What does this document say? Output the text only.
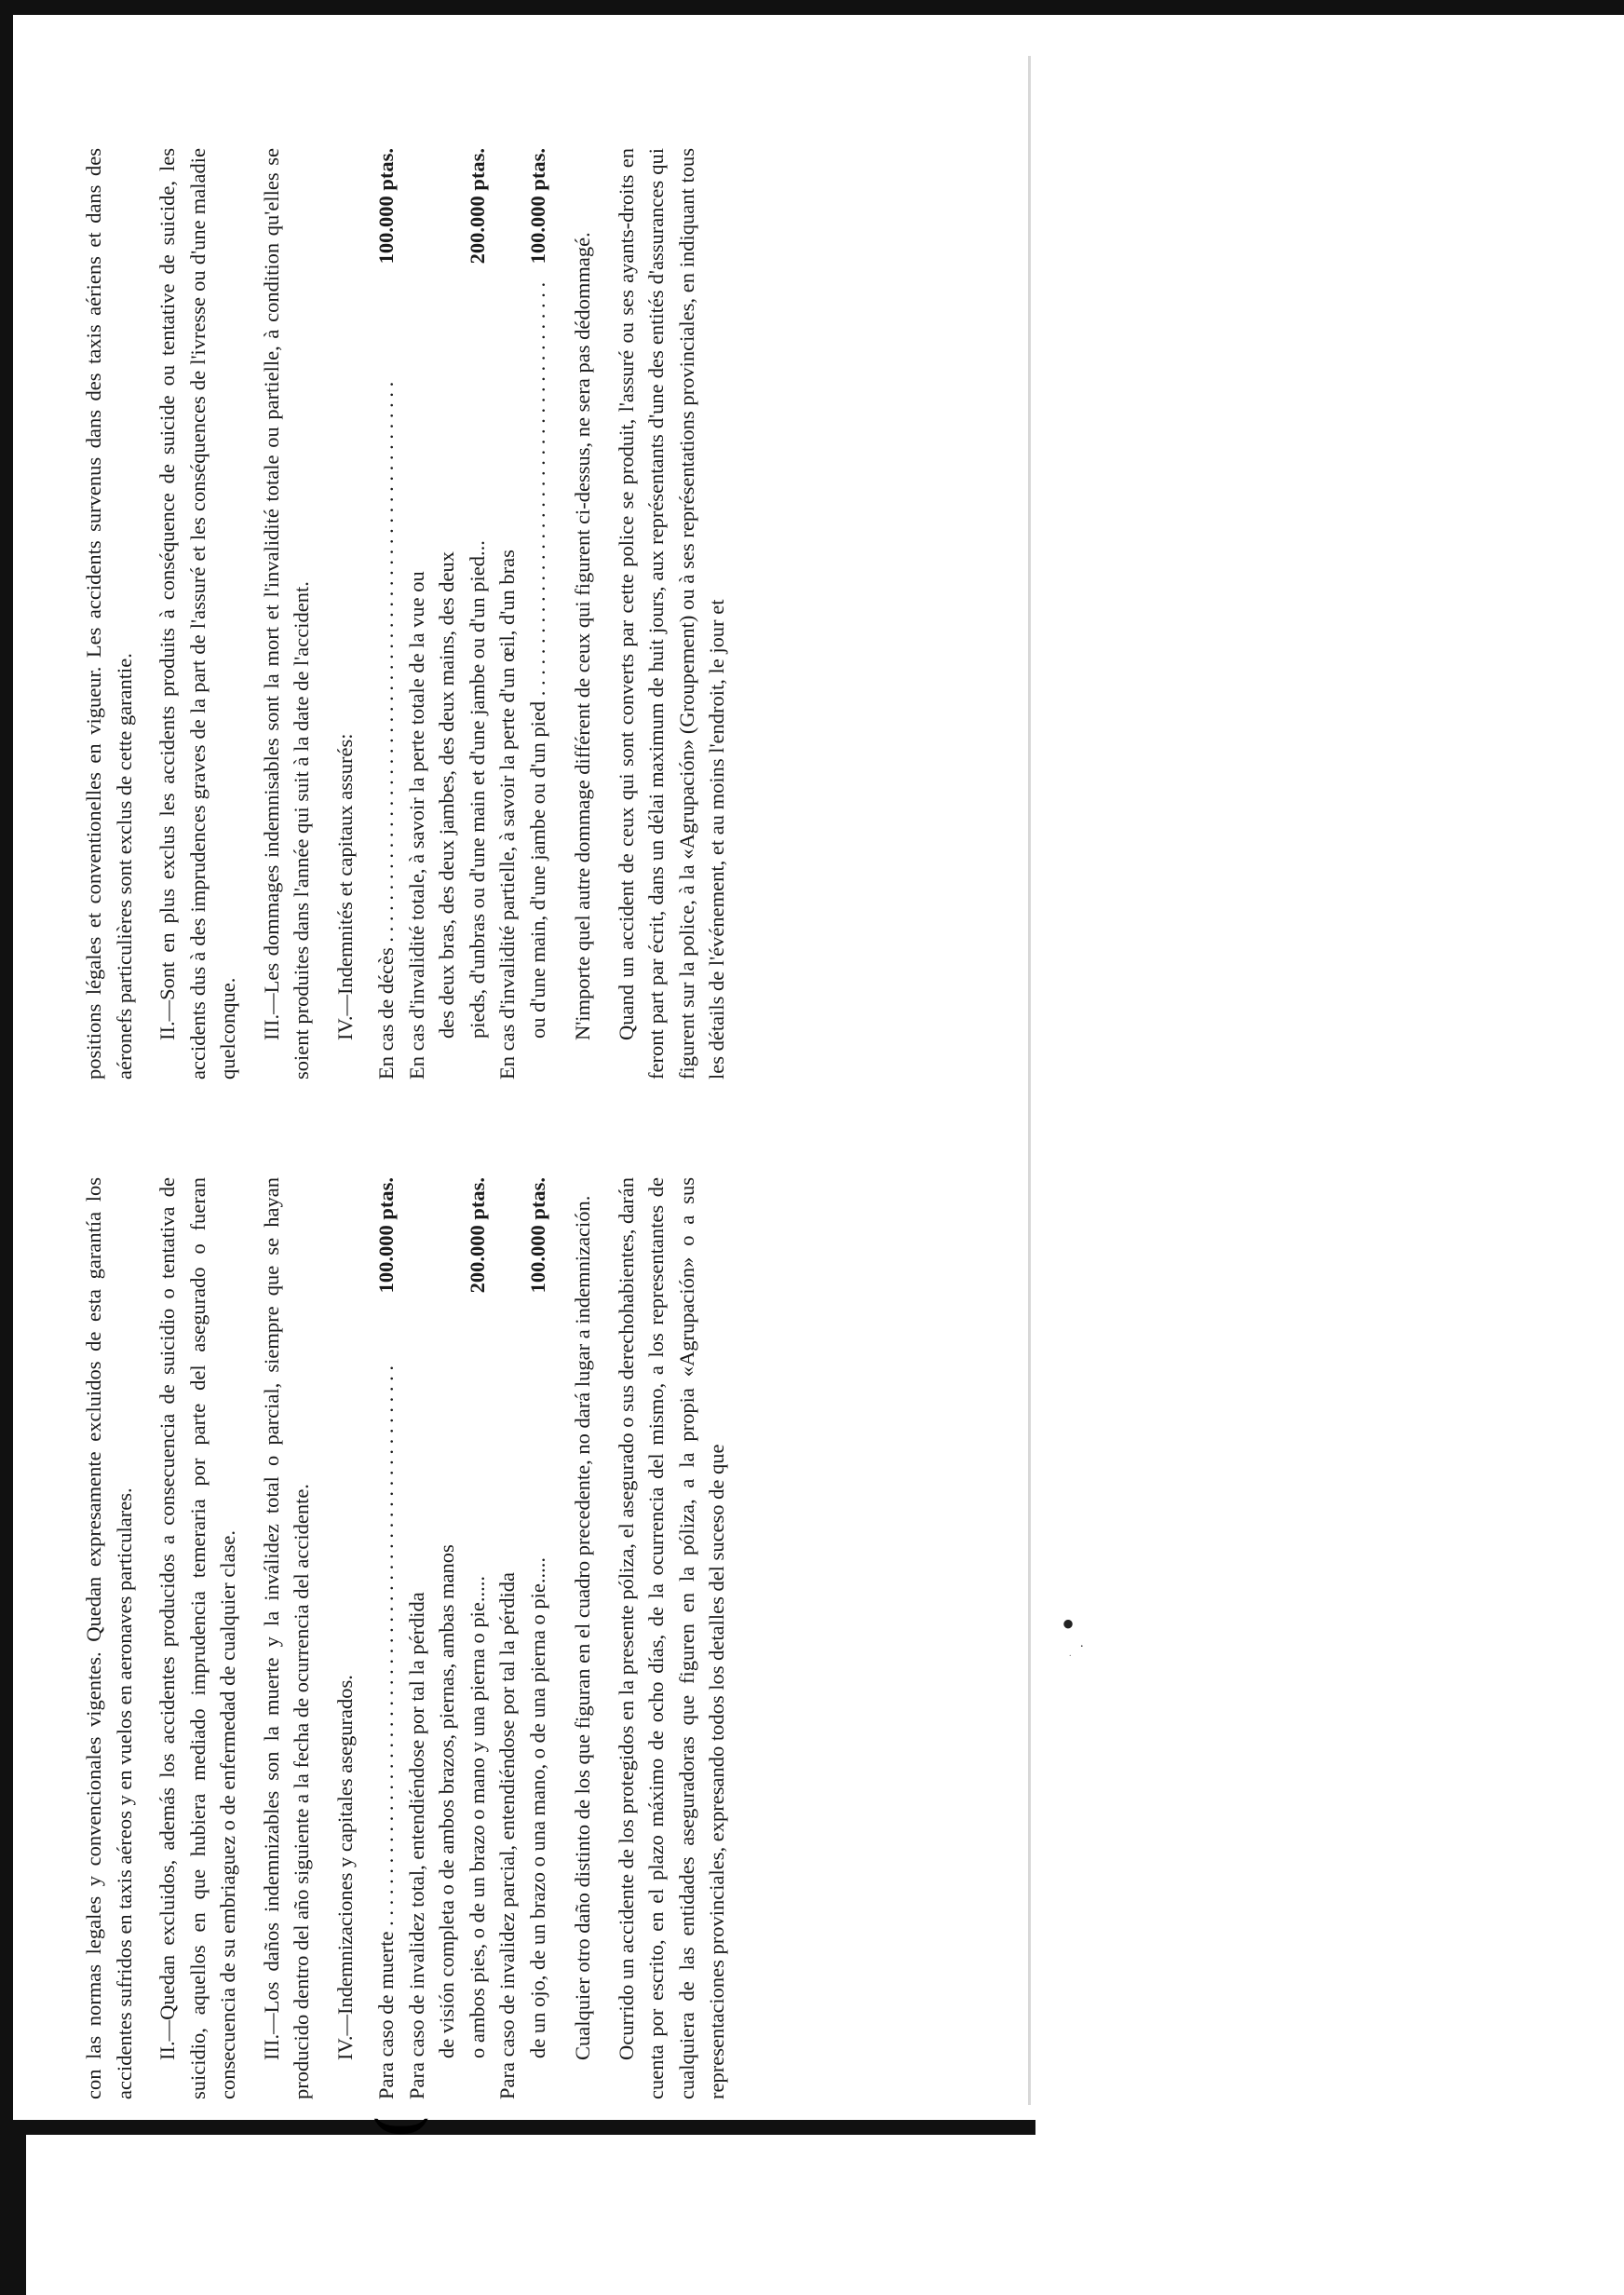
●
.
.

con las normas legales y convencionales vigentes. Quedan expresamente excluidos de esta garantía los accidentes sufridos en taxis aéreos y en vuelos en aeronaves particulares. II.—Quedan excluidos, además los accidentes producidos a consecuencia de suicidio o tentativa de suicidio, aquellos en que hubiera mediado imprudencia temeraria por parte del asegurado o fueran consecuencia de su embriaguez o de enfermedad de cualquier clase. III.—Los daños indemnizables son la muerte y la inválidez total o parcial, siempre que se hayan producido dentro del año siguiente a la fecha de ocurrencia del accidente. IV.—Indemnizaciones y capitales asegurados.

(
Para caso de muerte . . .
100.000 ptas.
Para caso de invalidez total, entendiéndose por tal la pérdida de visión completa o de ambos brazos, piernas, ambas manos o ambos pies, o de un brazo o mano y una pierna o pie.....
200.000 ptas.
Para caso de invalidez parcial, entendiéndose por tal la pérdida de un ojo, de un brazo o una mano, o de una pierna o pie.....
100.000 ptas. Cualquier otro daño distinto de los que figuran en el cuadro precedente, no dará lugar a indemnización. Ocurrido un accidente de los protegidos en la presente póliza, el asegurado o sus derechohabientes, darán cuenta por escrito, en el plazo máximo de ocho días, de la ocurrencia del mismo, a los representantes de cualquiera de las entidades aseguradoras que figuren en la póliza, a la propia «Agrupación» o a sus representaciones provinciales, expresando todos los detalles del suceso de que

positions légales et conventionelles en vigueur. Les accidents survenus dans des taxis aériens et dans des aéronefs particulières sont exclus de cette garantie. II.—Sont en plus exclus les accidents produits à conséquence de suicide ou tentative de suicide, les accidents dus à des imprudences graves de la part de l'assuré et les conséquences de l'ivresse ou d'une maladie quelconque. III.—Les dommages indemnisables sont la mort et l'invalidité totale ou partielle, à condition qu'elles se soient produites dans l'année qui suit à la date de l'accident. IV.—Indemnités et capitaux assurés: En cas de décès . . .
100.000 ptas.
En cas d'invalidité totale, à savoir la perte totale de la vue ou des deux bras, des deux jambes, des deux mains, des deux pieds, d'unbras ou d'une main et d'une jambe ou d'un pied...
200.000 ptas.
En cas d'invalidité partielle, à savoir la perte d'un œil, d'un bras ou d'une main, d'une jambe ou d'un pied . . .
100.000 ptas.

N'importe quel autre dommage différent de ceux qui figurent ci-dessus, ne sera pas dédommagé. Quand un accident de ceux qui sont converts par cette police se produit, l'assuré ou ses ayants-droits en feront part par écrit, dans un délai maximum de huit jours, aux représentants d'une des entités d'assurances qui figurent sur la police, à la «Agrupación» (Groupement) ou à ses représentations provinciales, en indiquant tous les détails de l'événement, et au moins l'endroit, le jour et
